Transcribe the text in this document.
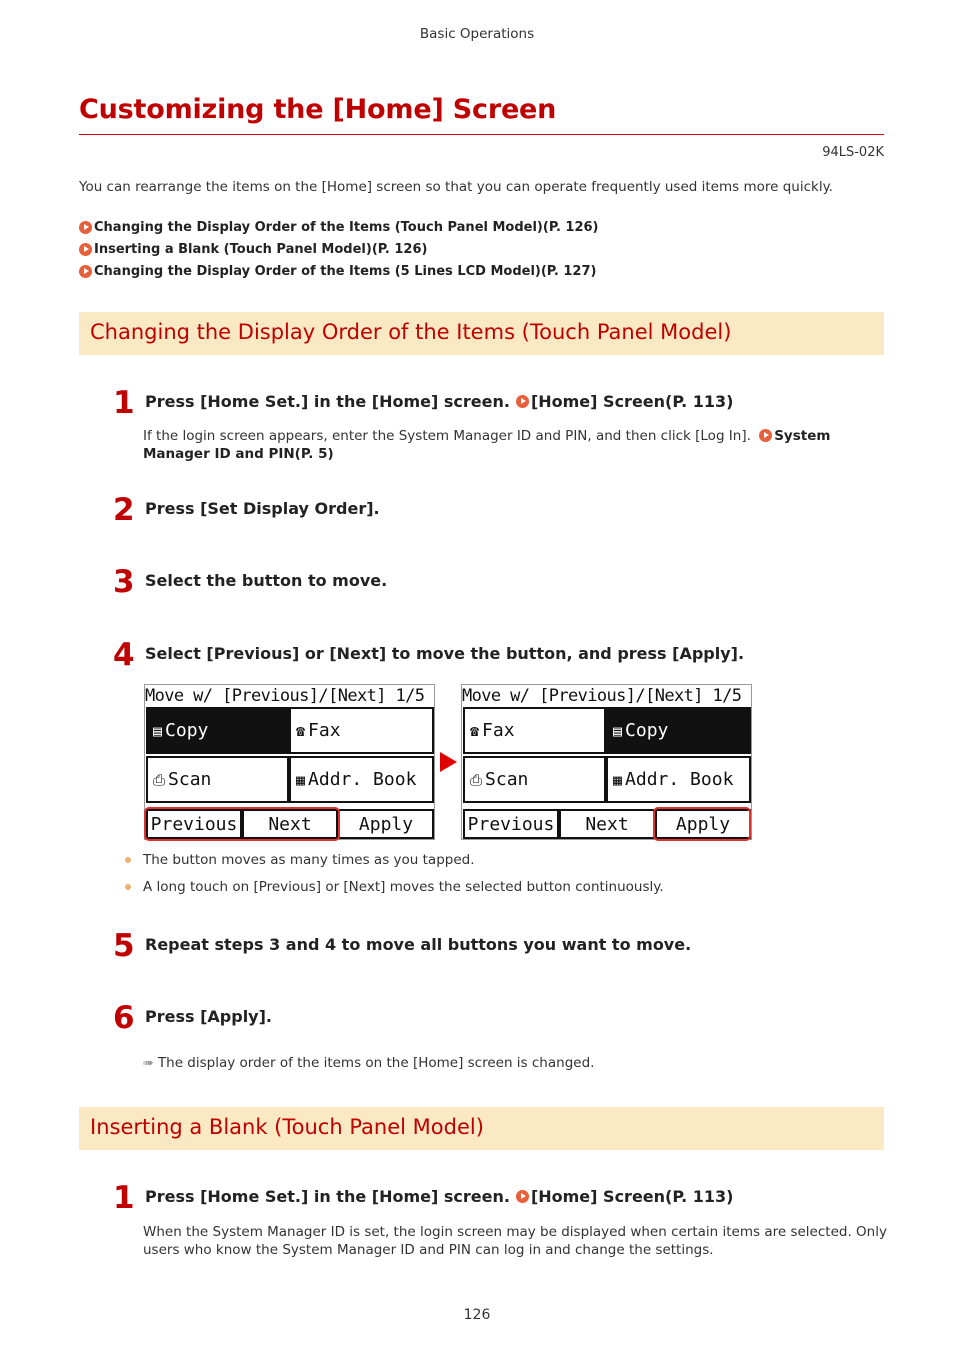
Basic Operations
Customizing the [Home] Screen
94LS-02K

You can rearrange the items on the [Home] screen so that you can operate frequently used items more quickly.

Changing the Display Order of the Items (Touch Panel Model)(P. 126)
Inserting a Blank (Touch Panel Model)(P. 126)
Changing the Display Order of the Items (5 Lines LCD Model)(P. 127)
Changing the Display Order of the Items (Touch Panel Model)
1 Press [Home Set.] in the [Home] screen. [Home] Screen(P. 113)
If the login screen appears, enter the System Manager ID and PIN, and then click [Log In]. System
Manager ID and PIN(P. 5)
2 Press [Set Display Order].
3 Select the button to move.
4 Select [Previous] or [Next] to move the button, and press [Apply].
Move w/ [Previous]/[Next] 1/5
▤ Copy	☎ Fax
⎙ Scan	▦ Addr. Book
Previous	Next	Apply
Move w/ [Previous]/[Next] 1/5
☎ Fax	▤ Copy
⎙ Scan	▦ Addr. Book
Previous	Next	Apply
The button moves as many times as you tapped.
A long touch on [Previous] or [Next] moves the selected button continuously.
5 Repeat steps 3 and 4 to move all buttons you want to move.
6 Press [Apply].
➠ The display order of the items on the [Home] screen is changed.
Inserting a Blank (Touch Panel Model)
1 Press [Home Set.] in the [Home] screen. [Home] Screen(P. 113)
When the System Manager ID is set, the login screen may be displayed when certain items are selected. Only users who know the System Manager ID and PIN can log in and change the settings.
126
